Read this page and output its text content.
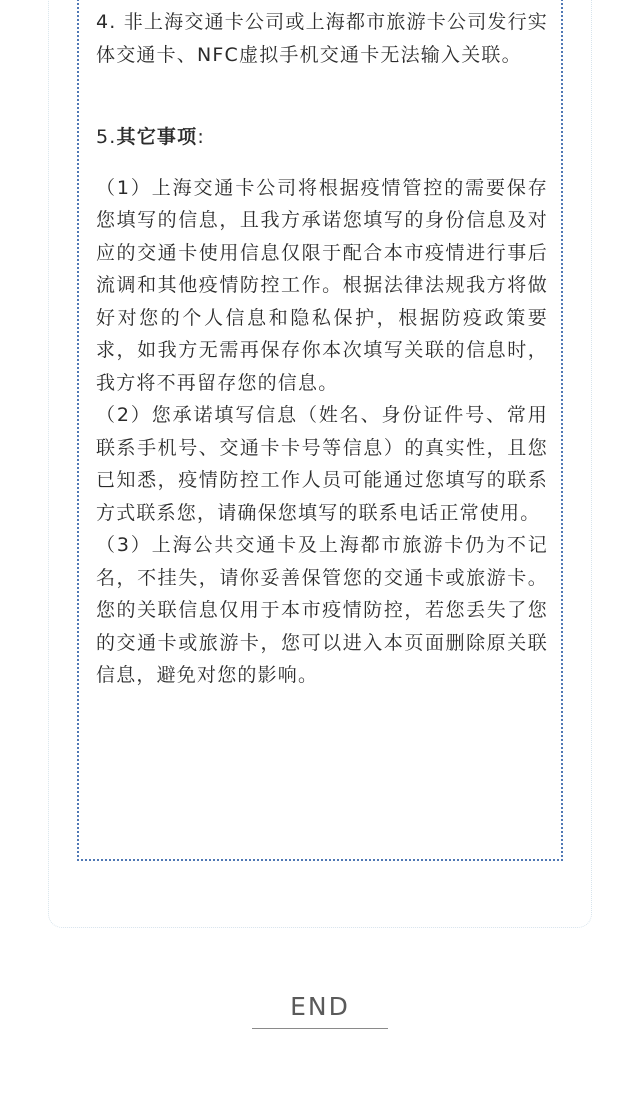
4. 非上海交通卡公司或上海都市旅游卡公司发行实体交通卡、NFC虚拟手机交通卡无法输入关联。

5.其它事项:

（1）上海交通卡公司将根据疫情管控的需要保存您填写的信息，且我方承诺您填写的身份信息及对应的交通卡使用信息仅限于配合本市疫情进行事后流调和其他疫情防控工作。根据法律法规我方将做好对您的个人信息和隐私保护，根据防疫政策要求，如我方无需再保存你本次填写关联的信息时，我方将不再留存您的信息。

（2）您承诺填写信息（姓名、身份证件号、常用联系手机号、交通卡卡号等信息）的真实性，且您已知悉，疫情防控工作人员可能通过您填写的联系方式联系您，请确保您填写的联系电话正常使用。

（3）上海公共交通卡及上海都市旅游卡仍为不记名，不挂失，请你妥善保管您的交通卡或旅游卡。您的关联信息仅用于本市疫情防控，若您丢失了您的交通卡或旅游卡，您可以进入本页面删除原关联信息，避免对您的影响。

END
